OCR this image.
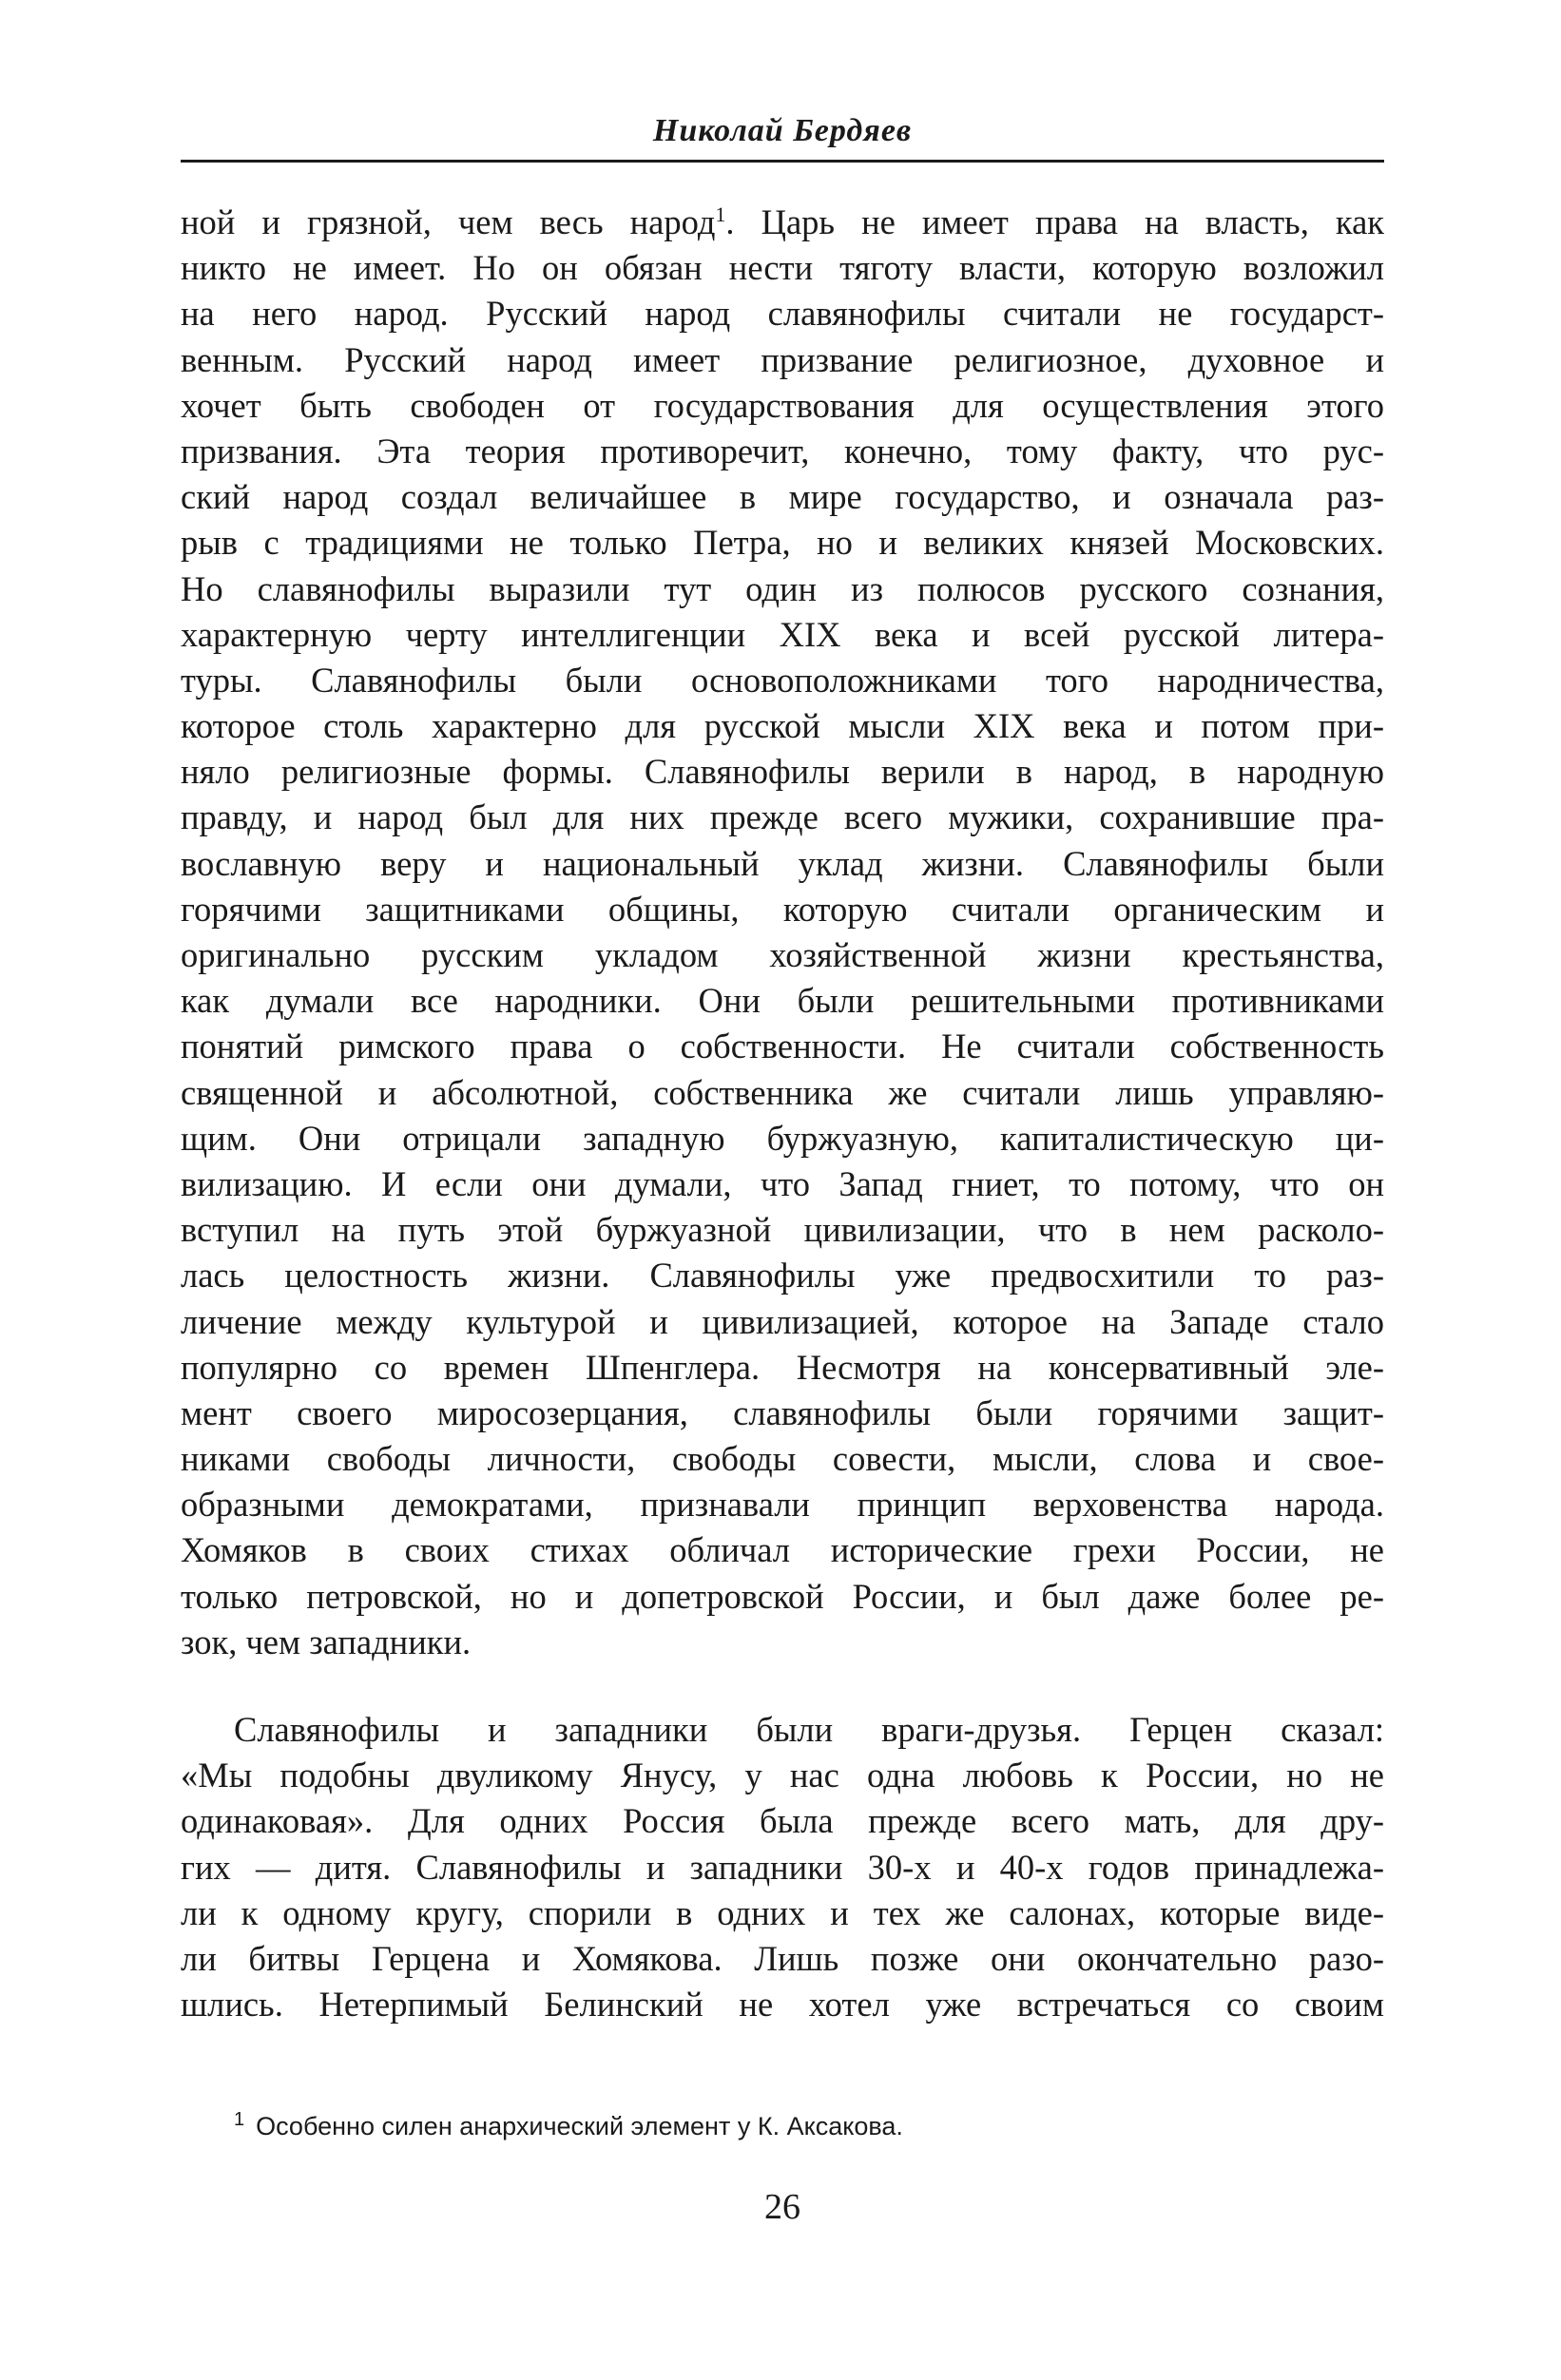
Николай Бердяев
ной и грязной, чем весь народ$^1$. Царь не имеет права на власть, как
никто не имеет. Но он обязан нести тяготу власти, которую возложил
на него народ. Русский народ славянофилы считали не государст-
венным. Русский народ имеет призвание религиозное, духовное и
хочет быть свободен от государствования для осуществления этого
призвания. Эта теория противоречит, конечно, тому факту, что рус-
ский народ создал величайшее в мире государство, и означала раз-
рыв с традициями не только Петра, но и великих князей Московских.
Но славянофилы выразили тут один из полюсов русского сознания,
характерную черту интеллигенции XIX века и всей русской литера-
туры. Славянофилы были основоположниками того народничества,
которое столь характерно для русской мысли XIX века и потом при-
няло религиозные формы. Славянофилы верили в народ, в народную
правду, и народ был для них прежде всего мужики, сохранившие пра-
вославную веру и национальный уклад жизни. Славянофилы были
горячими защитниками общины, которую считали органическим и
оригинально русским укладом хозяйственной жизни крестьянства,
как думали все народники. Они были решительными противниками
понятий римского права о собственности. Не считали собственность
священной и абсолютной, собственника же считали лишь управляю-
щим. Они отрицали западную буржуазную, капиталистическую ци-
вилизацию. И если они думали, что Запад гниет, то потому, что он
вступил на путь этой буржуазной цивилизации, что в нем расколо-
лась целостность жизни. Славянофилы уже предвосхитили то раз-
личение между культурой и цивилизацией, которое на Западе стало
популярно со времен Шпенглера. Несмотря на консервативный эле-
мент своего миросозерцания, славянофилы были горячими защит-
никами свободы личности, свободы совести, мысли, слова и свое-
образными демократами, признавали принцип верховенства народа.
Хомяков в своих стихах обличал исторические грехи России, не
только петровской, но и допетровской России, и был даже более ре-
зок, чем западники.
Славянофилы и западники были враги-друзья. Герцен сказал:
«Мы подобны двуликому Янусу, у нас одна любовь к России, но не
одинаковая». Для одних Россия была прежде всего мать, для дру-
гих — дитя. Славянофилы и западники 30-х и 40-х годов принадлежа-
ли к одному кругу, спорили в одних и тех же салонах, которые виде-
ли битвы Герцена и Хомякова. Лишь позже они окончательно разо-
шлись. Нетерпимый Белинский не хотел уже встречаться со своим
1 Особенно силен анархический элемент у К. Аксакова.
26
